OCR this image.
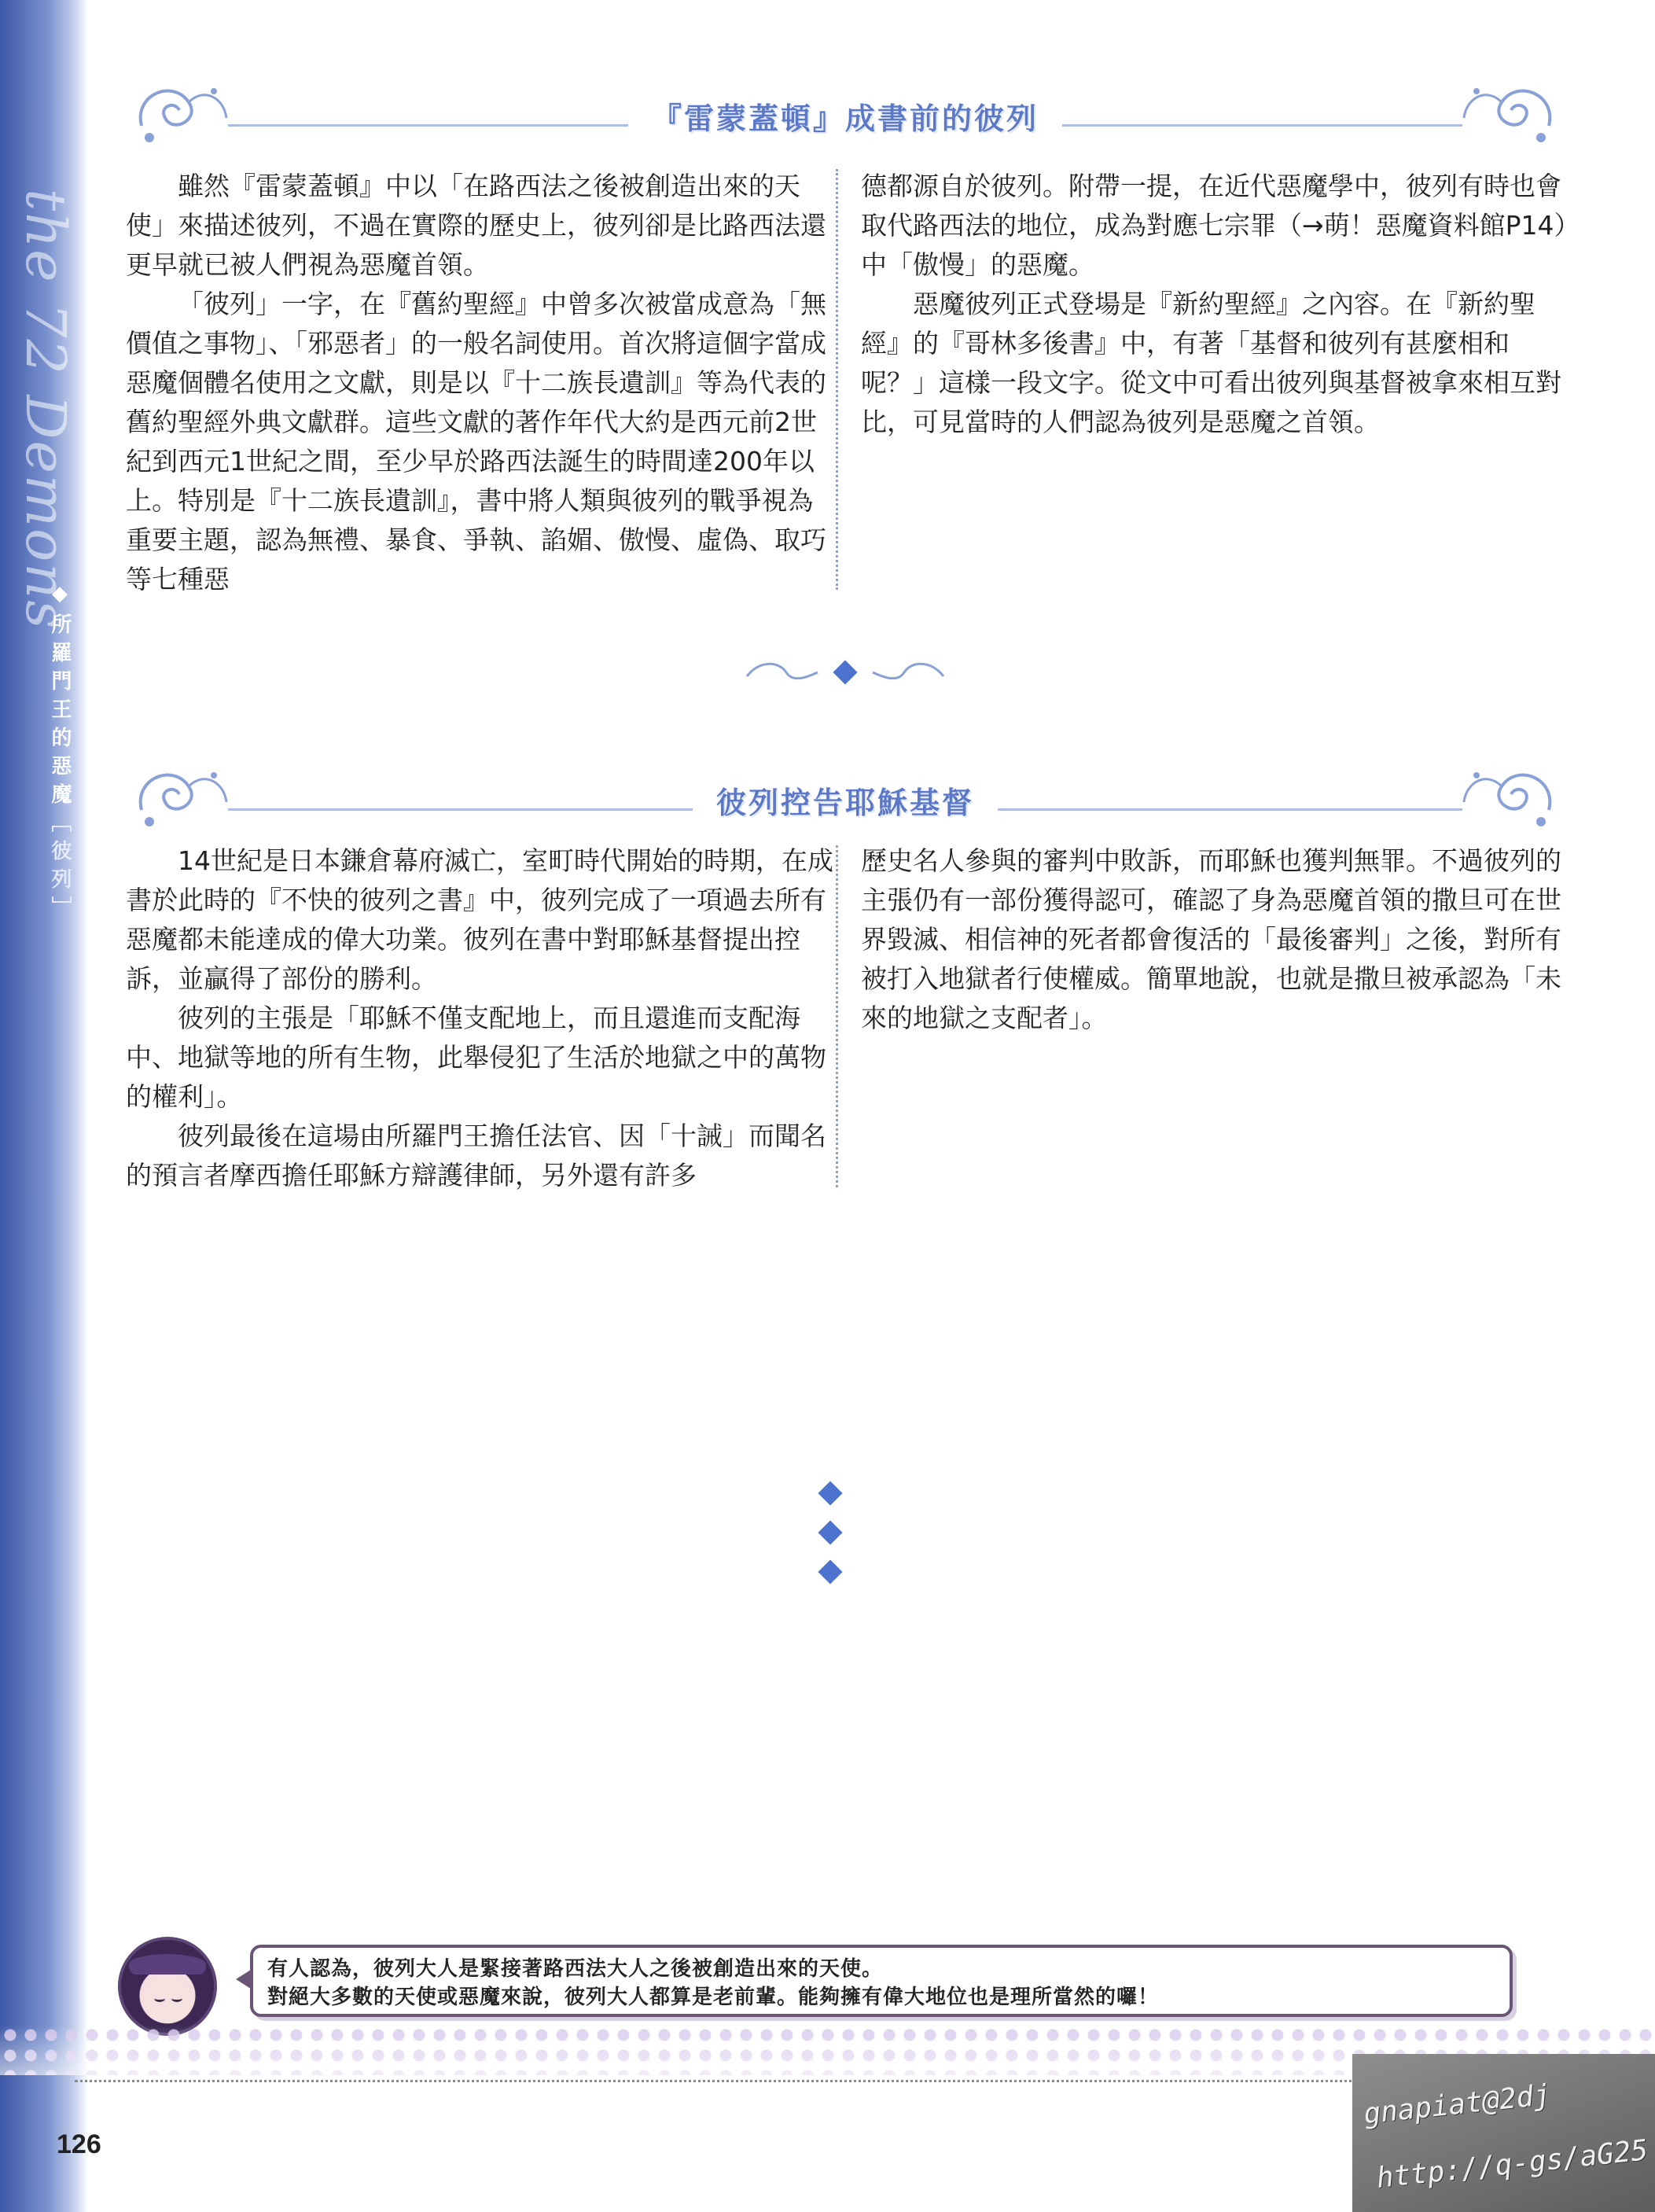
the 72 Demons
◆所羅門王的惡魔［彼列］
『雷蒙蓋頓』成書前的彼列

雖然『雷蒙蓋頓』中以「在路西法之後被創造出來的天使」來描述彼列，不過在實際的歷史上，彼列卻是比路西法還更早就已被人們視為惡魔首領。

「彼列」一字，在『舊約聖經』中曾多次被當成意為「無價值之事物」、「邪惡者」的一般名詞使用。首次將這個字當成惡魔個體名使用之文獻，則是以『十二族長遺訓』等為代表的舊約聖經外典文獻群。這些文獻的著作年代大約是西元前2世紀到西元1世紀之間，至少早於路西法誕生的時間達200年以上。特別是『十二族長遺訓』，書中將人類與彼列的戰爭視為重要主題，認為無禮、暴食、爭執、諂媚、傲慢、虛偽、取巧等七種惡

德都源自於彼列。附帶一提，在近代惡魔學中，彼列有時也會取代路西法的地位，成為對應七宗罪（→萌！惡魔資料館P14）中「傲慢」的惡魔。

惡魔彼列正式登場是『新約聖經』之內容。在『新約聖經』的『哥林多後書』中，有著「基督和彼列有甚麼相和呢？」這樣一段文字。從文中可看出彼列與基督被拿來相互對比，可見當時的人們認為彼列是惡魔之首領。

彼列控告耶穌基督

14世紀是日本鎌倉幕府滅亡，室町時代開始的時期，在成書於此時的『不快的彼列之書』中，彼列完成了一項過去所有惡魔都未能達成的偉大功業。彼列在書中對耶穌基督提出控訴，並贏得了部份的勝利。

彼列的主張是「耶穌不僅支配地上，而且還進而支配海中、地獄等地的所有生物，此舉侵犯了生活於地獄之中的萬物的權利」。

彼列最後在這場由所羅門王擔任法官、因「十誡」而聞名的預言者摩西擔任耶穌方辯護律師，另外還有許多

歷史名人參與的審判中敗訴，而耶穌也獲判無罪。不過彼列的主張仍有一部份獲得認可，確認了身為惡魔首領的撒旦可在世界毀滅、相信神的死者都會復活的「最後審判」之後，對所有被打入地獄者行使權威。簡單地說，也就是撒旦被承認為「未來的地獄之支配者」。

有人認為，彼列大人是緊接著路西法大人之後被創造出來的天使。
對絕大多數的天使或惡魔來說，彼列大人都算是老前輩。能夠擁有偉大地位也是理所當然的囉！
126
gnapiat@2dj
http://q-gs/aG25
